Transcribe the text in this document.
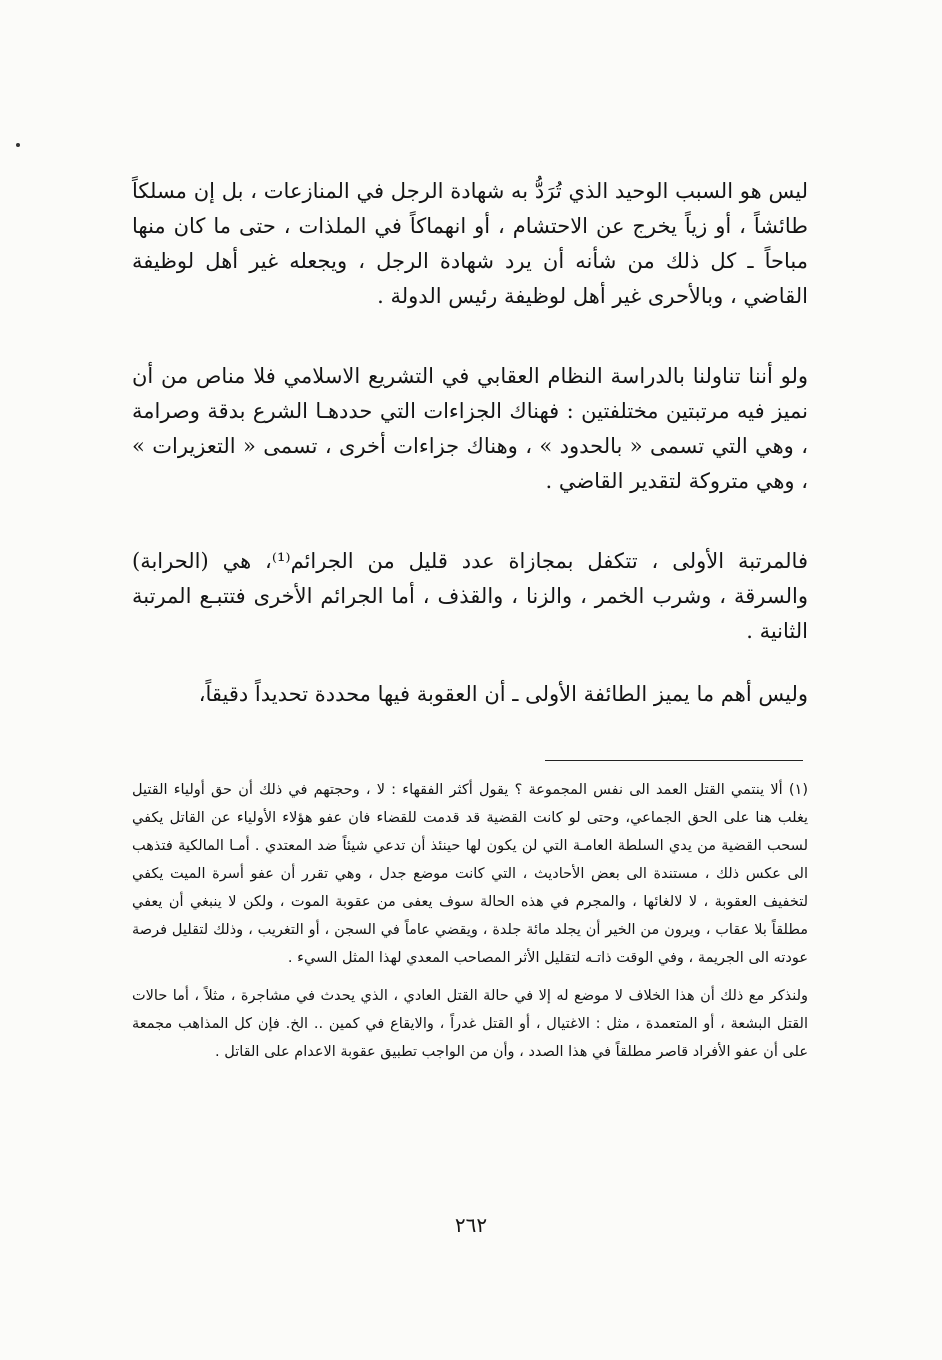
ليس هو السبب الوحيد الذي تُرَدُّ به شهادة الرجل في المنازعات ، بل إن مسلكاً طائشاً ، أو زياً يخرج عن الاحتشام ، أو انهماكاً في الملذات ، حتى ما كان منها مباحاً ـ كل ذلك من شأنه أن يرد شهادة الرجل ، ويجعله غير أهل لوظيفة القاضي ، وبالأحرى غير أهل لوظيفة رئيس الدولة .

ولو أننا تناولنا بالدراسة النظام العقابي في التشريع الاسلامي فلا مناص من أن نميز فيه مرتبتين مختلفتين : فهناك الجزاءات التي حددهـا الشرع بدقة وصرامة ، وهي التي تسمى « بالحدود » ، وهناك جزاءات أخرى ، تسمى « التعزيرات » ، وهي متروكة لتقدير القاضي .

فالمرتبة الأولى ، تتكفل بمجازاة عدد قليل من الجرائم⁽¹⁾، هي (الحرابة) والسرقة ، وشرب الخمر ، والزنا ، والقذف ، أما الجرائم الأخرى فتتبـع المرتبة الثانية .

وليس أهم ما يميز الطائفة الأولى ـ أن العقوبة فيها محددة تحديداً دقيقاً،

(١) ألا ينتمي القتل العمد الى نفس المجموعة ؟ يقول أكثر الفقهاء : لا ، وحجتهم في ذلك أن حق أولياء القتيل يغلب هنا على الحق الجماعي، وحتى لو كانت القضية قد قدمت للقضاء فان عفو هؤلاء الأولياء عن القاتل يكفي لسحب القضية من يدي السلطة العامـة التي لن يكون لها حينئذ أن تدعي شيئاً ضد المعتدي . أمـا المالكية فتذهب الى عكس ذلك ، مستندة الى بعض الأحاديث ، التي كانت موضع جدل ، وهي تقرر أن عفو أسرة الميت يكفي لتخفيف العقوبة ، لا لالغائها ، والمجرم في هذه الحالة سوف يعفى من عقوبة الموت ، ولكن لا ينبغي أن يعفي مطلقاً بلا عقاب ، ويرون من الخير أن يجلد مائة جلدة ، ويقضي عاماً في السجن ، أو التغريب ، وذلك لتقليل فرصة عودته الى الجريمة ، وفي الوقت ذاتـه لتقليل الأثر المصاحب المعدي لهذا المثل السيء .

ولنذكر مع ذلك أن هذا الخلاف لا موضع له إلا في حالة القتل العادي ، الذي يحدث في مشاجرة ، مثلاً ، أما حالات القتل البشعة ، أو المتعمدة ، مثل : الاغتيال ، أو القتل غدراً ، والايقاع في كمين .. الخ. فإن كل المذاهب مجمعة على أن عفو الأفراد قاصر مطلقاً في هذا الصدد ، وأن من الواجب تطبيق عقوبة الاعدام على القاتل .

٢٦٢
